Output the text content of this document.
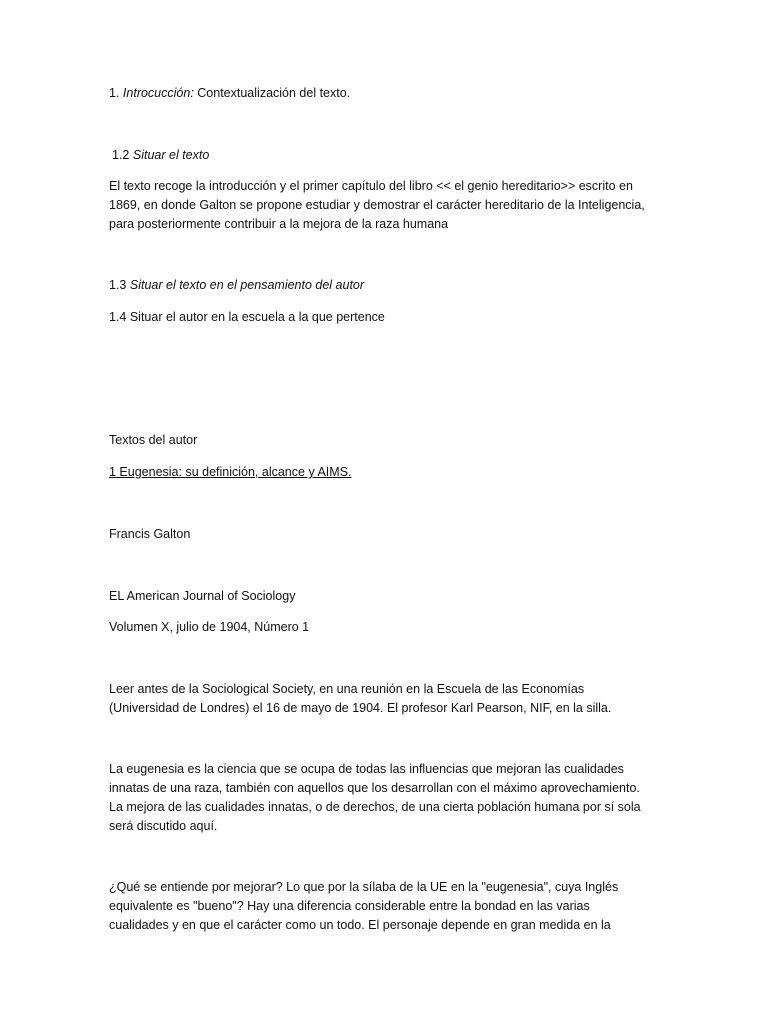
1. Introcucción: Contextualización del texto.

1.2 Situar el texto

El texto recoge la introducción y el primer capítulo del libro << el genio hereditario>> escrito en 1869, en donde Galton se propone estudiar y demostrar el carácter hereditario de la Inteligencia, para posteriormente contribuir a la mejora de la raza humana

1.3 Situar el texto en el pensamiento del autor

1.4 Situar el autor en la escuela a la que pertence

Textos del autor

1 Eugenesia: su definición, alcance y AIMS.

Francis Galton

EL American Journal of Sociology

Volumen X, julio de 1904, Número 1

Leer antes de la Sociological Society, en una reunión en la Escuela de las Economías (Universidad de Londres) el 16 de mayo de 1904. El profesor Karl Pearson, NIF, en la silla.

La eugenesia es la ciencia que se ocupa de todas las influencias que mejoran las cualidades innatas de una raza, también con aquellos que los desarrollan con el máximo aprovechamiento. La mejora de las cualidades innatas, o de derechos, de una cierta población humana por sí sola será discutido aquí.

¿Qué se entiende por mejorar? Lo que por la sílaba de la UE en la "eugenesia", cuya Inglés equivalente es "bueno"? Hay una diferencia considerable entre la bondad en las varias cualidades y en que el carácter como un todo. El personaje depende en gran medida en la
